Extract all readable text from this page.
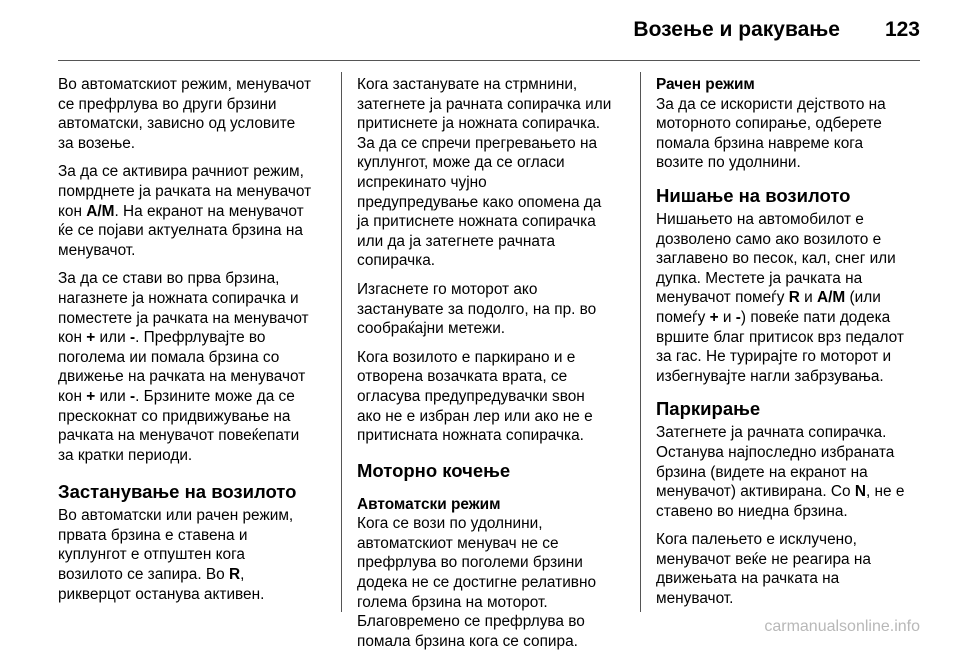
Возење и ракување 123

Во автоматскиот режим, менувачот
се префрлува во други брзини
автоматски, зависно од условите
за возење.

За да се активира рачниот режим,
помрднете ја рачката на менувачот
кон A/M. На екранот на менувачот
ќе се појави актуелната брзина на
менувачот.

За да се стави во прва брзина,
нагазнете ја ножната сопирачка и
поместете ја рачката на менувачот
кон + или -. Префрлувајте во
поголема ии помала брзина со
движење на рачката на менувачот
кон + или -. Брзините може да се
прескокнат со придвижување на
рачката на менувачот повеќепати
за кратки периоди.

Застанување на возилото

Во автоматски или рачен режим,
првата брзина е ставена и
куплунгот е отпуштен кога
возилото се запира. Во R,
рикверцот останува активен.

Кога застанувате на стрмнини,
затегнете ја рачната сопирачка или
притиснете ја ножната сопирачка.
За да се спречи прегревањето на
куплунгот, може да се огласи
испрекинато чујно
предупредување како опомена да
ја притиснете ножната сопирачка
или да ја затегнете рачната
сопирачка.

Изгаснете го моторот ако
застанувате за подолго, на пр. во
сообраќајни метежи.

Кога возилото е паркирано и е
отворена возачката врата, се
огласува предупредувачки ѕвон
ако не е избран лер или ако не е
притисната ножната сопирачка.

Моторно кочење
Автоматски режим

Кога се вози по удолнини,
автоматскиот менувач не се
префрлува во поголеми брзини
додека не се достигне релативно
голема брзина на моторот.
Благовремено се префрлува во
помала брзина кога се сопира.

Рачен режим

За да се искористи дејството на
моторното сопирање, одберете
помала брзина навреме кога
возите по удолнини.

Нишање на возилото

Нишањето на автомобилот е
дозволено само ако возилото е
заглавено во песок, кал, снег или
дупка. Местете ја рачката на
менувачот помеѓу R и A/M (или
помеѓу + и -) повеќе пати додека
вршите благ притисок врз педалот
за гас. Не турирајте го моторот и
избегнувајте нагли забрзувања.

Паркирање

Затегнете ја рачната сопирачка.
Останува најпоследно избраната
брзина (видете на екранот на
менувачот) активирана. Со N, не е
ставено во ниедна брзина.

Кога палењето е исклучено,
менувачот веќе не реагира на
движењата на рачката на
менувачот.

carmanualsonline.info
